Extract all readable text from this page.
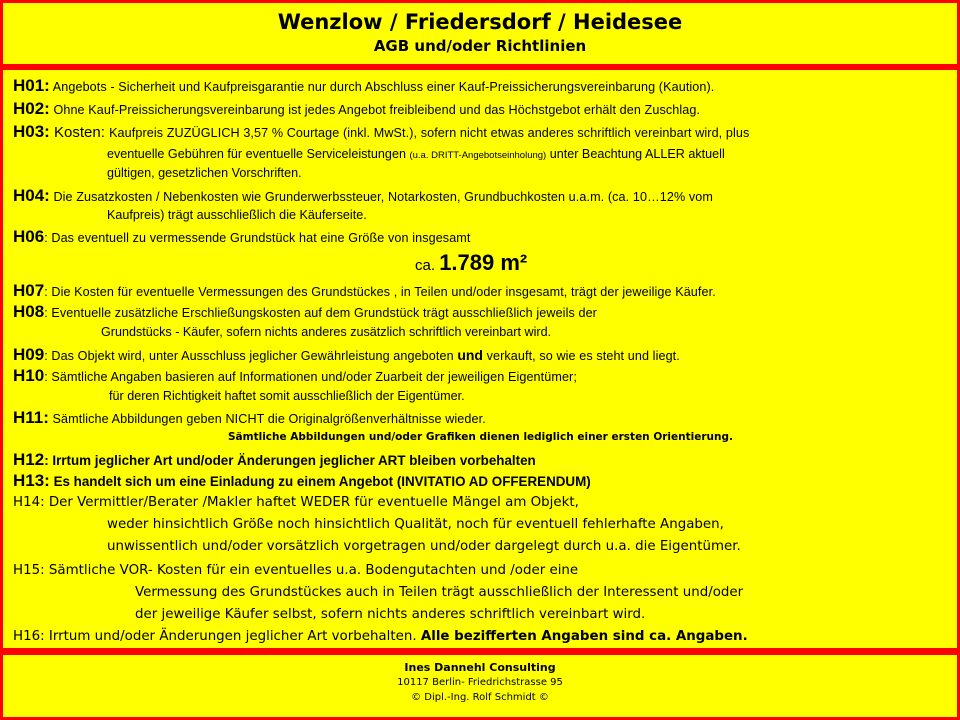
Wenzlow / Friedersdorf / Heidesee
AGB und/oder Richtlinien
H01: Angebots - Sicherheit und Kaufpreisgarantie nur durch Abschluss einer Kauf-Preissicherungsvereinbarung (Kaution).
H02: Ohne Kauf-Preissicherungsvereinbarung ist jedes Angebot freibleibend und das Höchstgebot erhält den Zuschlag.
H03: Kosten: Kaufpreis ZUZÜGLICH 3,57 % Courtage (inkl. MwSt.), sofern nicht etwas anderes schriftlich vereinbart wird, plus
eventuelle Gebühren für eventuelle Serviceleistungen (u.a. DRITT-Angebotseinholung) unter Beachtung ALLER aktuell
gültigen, gesetzlichen Vorschriften.
H04: Die Zusatzkosten / Nebenkosten wie Grunderwerbssteuer, Notarkosten, Grundbuchkosten u.a.m. (ca. 10…12% vom
Kaufpreis) trägt ausschließlich die Käuferseite.
H06: Das eventuell zu vermessende Grundstück hat eine Größe von insgesamt
ca. 1.789 m²
H07: Die Kosten für eventuelle Vermessungen des Grundstückes , in Teilen und/oder insgesamt, trägt der jeweilige Käufer.
H08: Eventuelle zusätzliche Erschließungskosten auf dem Grundstück trägt ausschließlich jeweils der
Grundstücks - Käufer, sofern nichts anderes zusätzlich schriftlich vereinbart wird.
H09: Das Objekt wird, unter Ausschluss jeglicher Gewährleistung angeboten und verkauft, so wie es steht und liegt.
H10: Sämtliche Angaben basieren auf Informationen und/oder Zuarbeit der jeweiligen Eigentümer;
für deren Richtigkeit haftet somit ausschließlich der Eigentümer.
H11: Sämtliche Abbildungen geben NICHT die Originalgrößenverhältnisse wieder.
Sämtliche Abbildungen und/oder Grafiken dienen lediglich einer ersten Orientierung.
H12: Irrtum jeglicher Art und/oder Änderungen jeglicher ART bleiben vorbehalten
H13: Es handelt sich um eine Einladung zu einem Angebot (INVITATIO AD OFFERENDUM)
H14: Der Vermittler/Berater /Makler haftet WEDER für eventuelle Mängel am Objekt,
weder hinsichtlich Größe noch hinsichtlich Qualität, noch für eventuell fehlerhafte Angaben,
unwissentlich und/oder vorsätzlich vorgetragen und/oder dargelegt durch u.a. die Eigentümer.
H15: Sämtliche VOR- Kosten für ein eventuelles u.a. Bodengutachten und /oder eine
Vermessung des Grundstückes auch in Teilen trägt ausschließlich der Interessent und/oder
der jeweilige Käufer selbst, sofern nichts anderes schriftlich vereinbart wird.
H16: Irrtum und/oder Änderungen jeglicher Art vorbehalten. Alle bezifferten Angaben sind ca. Angaben.
Ines Dannehl Consulting
10117 Berlin- Friedrichstrasse 95
© Dipl.-Ing. Rolf Schmidt ©
